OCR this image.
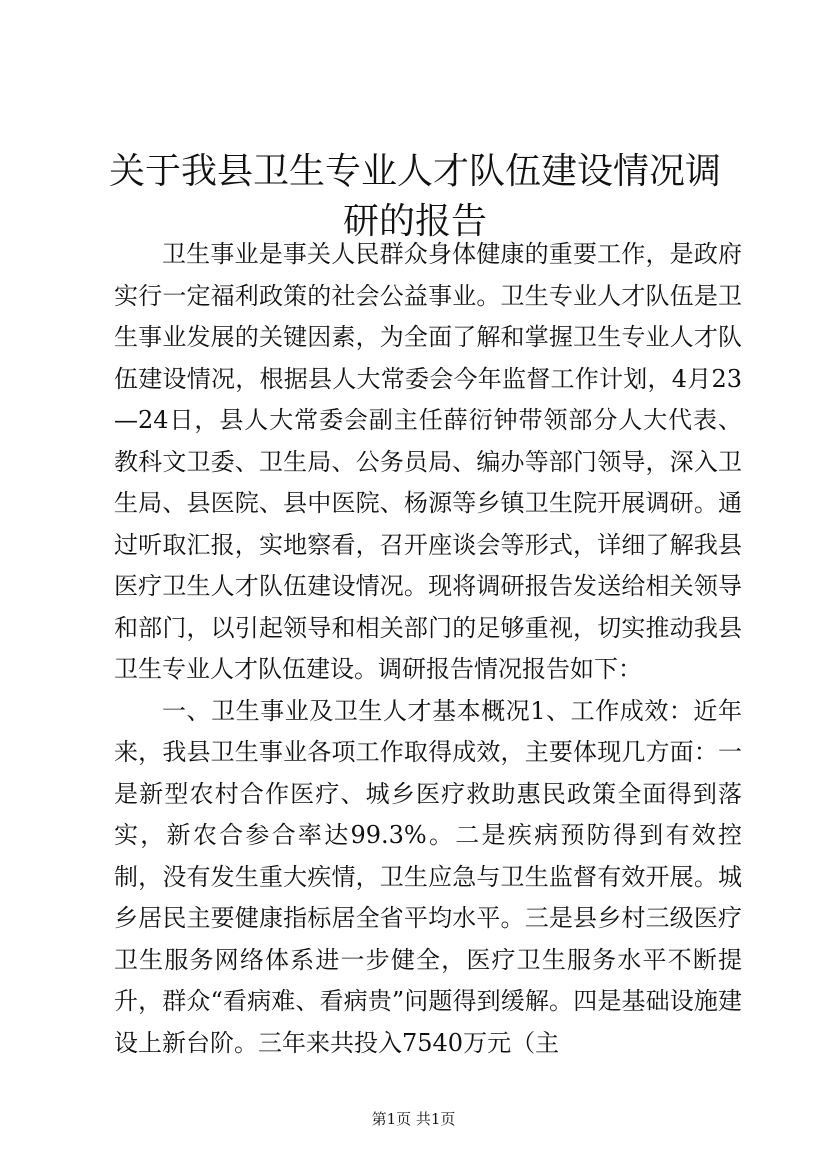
关于我县卫生专业人才队伍建设情况调研的报告

卫生事业是事关人民群众身体健康的重要工作，是政府实行一定福利政策的社会公益事业。卫生专业人才队伍是卫生事业发展的关键因素，为全面了解和掌握卫生专业人才队伍建设情况，根据县人大常委会今年监督工作计划，4月23—24日，县人大常委会副主任薛衍钟带领部分人大代表、教科文卫委、卫生局、公务员局、编办等部门领导，深入卫生局、县医院、县中医院、杨源等乡镇卫生院开展调研。通过听取汇报，实地察看，召开座谈会等形式，详细了解我县医疗卫生人才队伍建设情况。现将调研报告发送给相关领导和部门，以引起领导和相关部门的足够重视，切实推动我县卫生专业人才队伍建设。调研报告情况报告如下：

一、卫生事业及卫生人才基本概况1、工作成效：近年来，我县卫生事业各项工作取得成效，主要体现几方面：一是新型农村合作医疗、城乡医疗救助惠民政策全面得到落实，新农合参合率达99.3%。二是疾病预防得到有效控制，没有发生重大疾情，卫生应急与卫生监督有效开展。城乡居民主要健康指标居全省平均水平。三是县乡村三级医疗卫生服务网络体系进一步健全，医疗卫生服务水平不断提升，群众“看病难、看病贵”问题得到缓解。四是基础设施建设上新台阶。三年来共投入7540万元（主

第1页 共1页
